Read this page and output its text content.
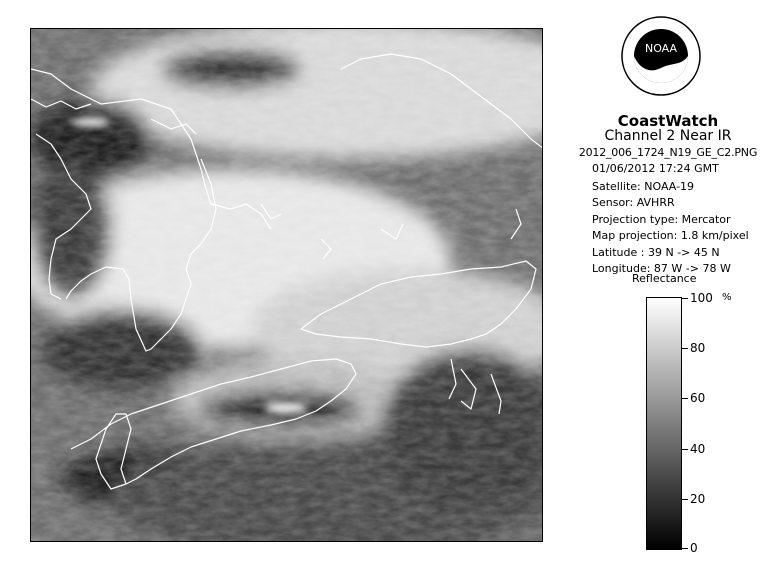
NOAA
CoastWatch
Channel 2 Near IR
2012_006_1724_N19_GE_C2.PNG
01/06/2012 17:24 GMT
Satellite: NOAA-19
Sensor: AVHRR
Projection type: Mercator
Map projection: 1.8 km/pixel
Latitude : 39 N -> 45 N
Longitude: 87 W -> 78 W
Reflectance
%
100
80
60
40
20
0
